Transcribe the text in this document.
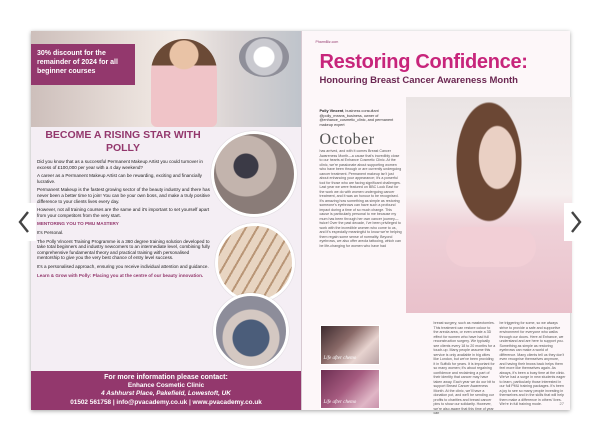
30% discount for the remainder of 2024 for all beginner courses
BECOME A RISING STAR WITH POLLY

Did you know that as a successful Permanent Makeup Artist you could turnover in excess of £100,000 per year with a 4 day weekend?

A career as a Permanent Makeup Artist can be rewarding, exciting and financially lucrative.

Permanent Makeup is the fastest growing sector of the beauty industry and there has never been a better time to join! You can be your own boss, and make a truly positive difference to your clients lives every day.

However, not all training courses are the same and it's important to set yourself apart from your competitors from the very start.

MENTORING YOU TO PMU MASTERY

It's Personal.

The Polly Vincent Training Programme is a 360 degree training solution developed to take total beginners and industry newcomers to an intermediate level, combining fully comprehensive fundamental theory and practical training with personalised mentorship to give you the very best chance of entry level success.

It's a personalised approach, ensuring you receive individual attention and guidance.

Learn & Grow with Polly: Placing you at the centre of our beauty innovation.

For more information please contact:
Enhance Cosmetic Clinic
4 Ashhurst Place, Pakefield, Lowestoft, UK
01502 561758 | info@pvacademy.co.uk | www.pvacademy.co.uk
PharmBiz.com
Restoring Confidence:
Honouring Breast Cancer Awareness Month
Polly Vincent, business consultant @polly_means_business, owner of @enhance_cosmetic_clinic, and permanent makeup expert
October
has arrived, and with it comes Breast Cancer Awareness Month—a cause that's incredibly close to our hearts at Enhance Cosmetic Clinic. At the clinic, we're passionate about supporting women who have been through or are currently undergoing cancer treatment. Permanent makeup isn't just about enhancing your appearance; it's a powerful tool for those who are facing significant challenges. Last year we were featured on BBC Look East for the work we do with women undergoing cancer treatment, and it was an honour to be recognised. It's amazing how something as simple as restoring someone's eyebrows can have such a profound impact during a time of so much change. This cause is particularly personal to me because my mum has been through her own cancer journey—twice! Over the past decade, I've been privileged to work with the incredible women who come to us, and it's especially meaningful to know we're helping them regain some sense of normality. Beyond eyebrows, we also offer areola tattooing, which can be life-changing for women who have had
Life after chemo
Life after chemo
breast surgery, such as mastectomies. This treatment can restore colour to the areola area, or even create a 3D effect for women who have had full reconstruction surgery. We typically see clients every 18 to 20 months for a touch-up. Many people assume this service is only available in big cities like London, but we've been providing it in Suffolk for years. It is important for so many women; it's about regaining confidence and reclaiming a part of their identity that cancer may have taken away. Each year we do our bit to support Breast Cancer Awareness Month. At the clinic, we'll have a donation pot, and we'll be sending our profits to charities and breast cancer pins to show our solidarity. However, we're also aware that this time of year can
be triggering for some, so we always strive to provide a safe and supportive environment for everyone who walks through our doors. Here at Enhance, we understand and are here to support you. Something as simple as restoring eyebrows can make a world of difference. Many clients tell us they don't even recognise themselves anymore, and having their brows back helps them feel more like themselves again. As always, it's been a busy time at the clinic. We've had a surge in new students eager to learn, particularly those interested in our full PMU training packages. It's been a joy to see so many people investing in themselves and in the skills that will help them make a difference in others' lives. We're in full training mode.	27
